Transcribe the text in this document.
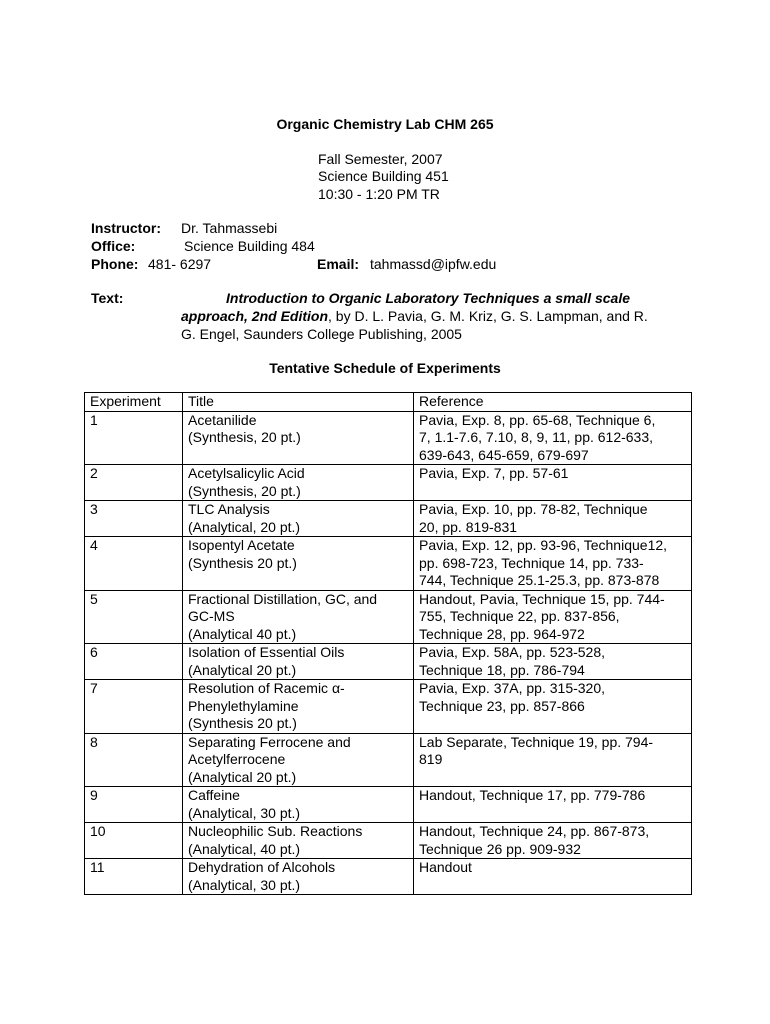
Organic Chemistry Lab CHM 265
Fall Semester, 2007
Science Building 451
10:30 - 1:20 PM TR
Instructor: Dr. Tahmassebi
Office:	Science Building 484
Phone: 481- 6297	Email: tahmassd@ipfw.edu
Text:	Introduction to Organic Laboratory Techniques a small scale
approach, 2nd Edition, by D. L. Pavia, G. M. Kriz, G. S. Lampman, and R.
G. Engel, Saunders College Publishing, 2005
Tentative Schedule of Experiments
Experiment	Title	Reference
1	Acetanilide
(Synthesis, 20 pt.)	Pavia, Exp. 8, pp. 65-68, Technique 6,
7, 1.1-7.6, 7.10, 8, 9, 11, pp. 612-633,
639-643, 645-659, 679-697

2	Acetylsalicylic Acid
(Synthesis, 20 pt.)	Pavia, Exp. 7, pp. 57-61

3	TLC Analysis
(Analytical, 20 pt.)	Pavia, Exp. 10, pp. 78-82, Technique
20, pp. 819-831

4	Isopentyl Acetate
(Synthesis 20 pt.)	Pavia, Exp. 12, pp. 93-96, Technique12,
pp. 698-723, Technique 14, pp. 733-
744, Technique 25.1-25.3, pp. 873-878

5	Fractional Distillation, GC, and
GC-MS
(Analytical 40 pt.)	Handout, Pavia, Technique 15, pp. 744-
755, Technique 22, pp. 837-856,
Technique 28, pp. 964-972

6	Isolation of Essential Oils
(Analytical 20 pt.)	Pavia, Exp. 58A, pp. 523-528,
Technique 18, pp. 786-794

7	Resolution of Racemic α-
Phenylethylamine
(Synthesis 20 pt.)	Pavia, Exp. 37A, pp. 315-320,
Technique 23, pp. 857-866

8	Separating Ferrocene and
Acetylferrocene
(Analytical 20 pt.)	Lab Separate, Technique 19, pp. 794-
819

9	Caffeine
(Analytical, 30 pt.)	Handout, Technique 17, pp. 779-786

10	Nucleophilic Sub. Reactions
(Analytical, 40 pt.)	Handout, Technique 24, pp. 867-873,
Technique 26 pp. 909-932

11	Dehydration of Alcohols
(Analytical, 30 pt.)	Handout
